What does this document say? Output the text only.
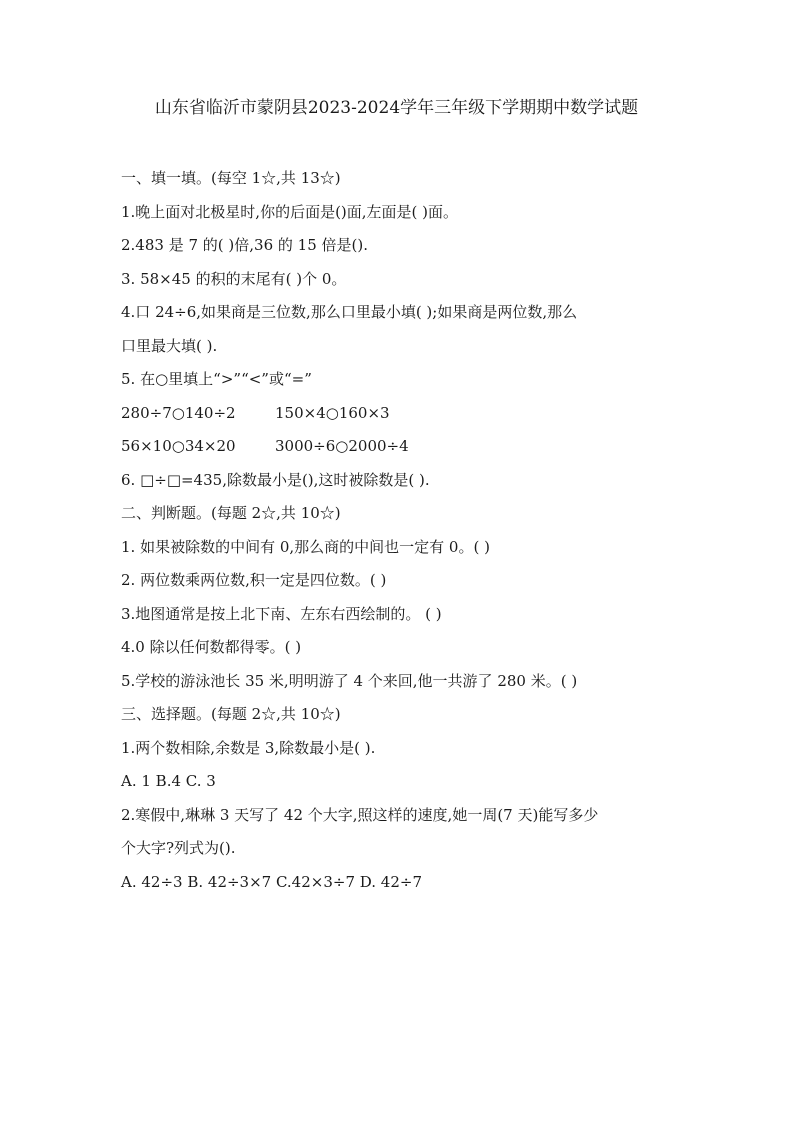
山东省临沂市蒙阴县2023-2024学年三年级下学期期中数学试题
一、填一填。(每空 1☆,共 13☆)
1.晚上面对北极星时,你的后面是()面,左面是( )面。
2.483 是 7 的( )倍,36 的 15 倍是().
3. 58×45 的积的末尾有( )个 0。
4.口 24÷6,如果商是三位数,那么口里最小填( );如果商是两位数,那么
口里最大填( ).
5. 在○里填上“>”“<”或“=”
280÷7○140÷2	150×4○160×3
56×10○34×20	3000÷6○2000÷4
6. □÷□=435,除数最小是(),这时被除数是( ).
二、判断题。(每题 2☆,共 10☆)
1. 如果被除数的中间有 0,那么商的中间也一定有 0。( )
2. 两位数乘两位数,积一定是四位数。( )
3.地图通常是按上北下南、左东右西绘制的。 ( )
4.0 除以任何数都得零。( )
5.学校的游泳池长 35 米,明明游了 4 个来回,他一共游了 280 米。( )
三、选择题。(每题 2☆,共 10☆)
1.两个数相除,余数是 3,除数最小是( ).
A. 1 B.4 C. 3
2.寒假中,琳琳 3 天写了 42 个大字,照这样的速度,她一周(7 天)能写多少
个大字?列式为().
A. 42÷3 B. 42÷3×7 C.42×3÷7 D. 42÷7
